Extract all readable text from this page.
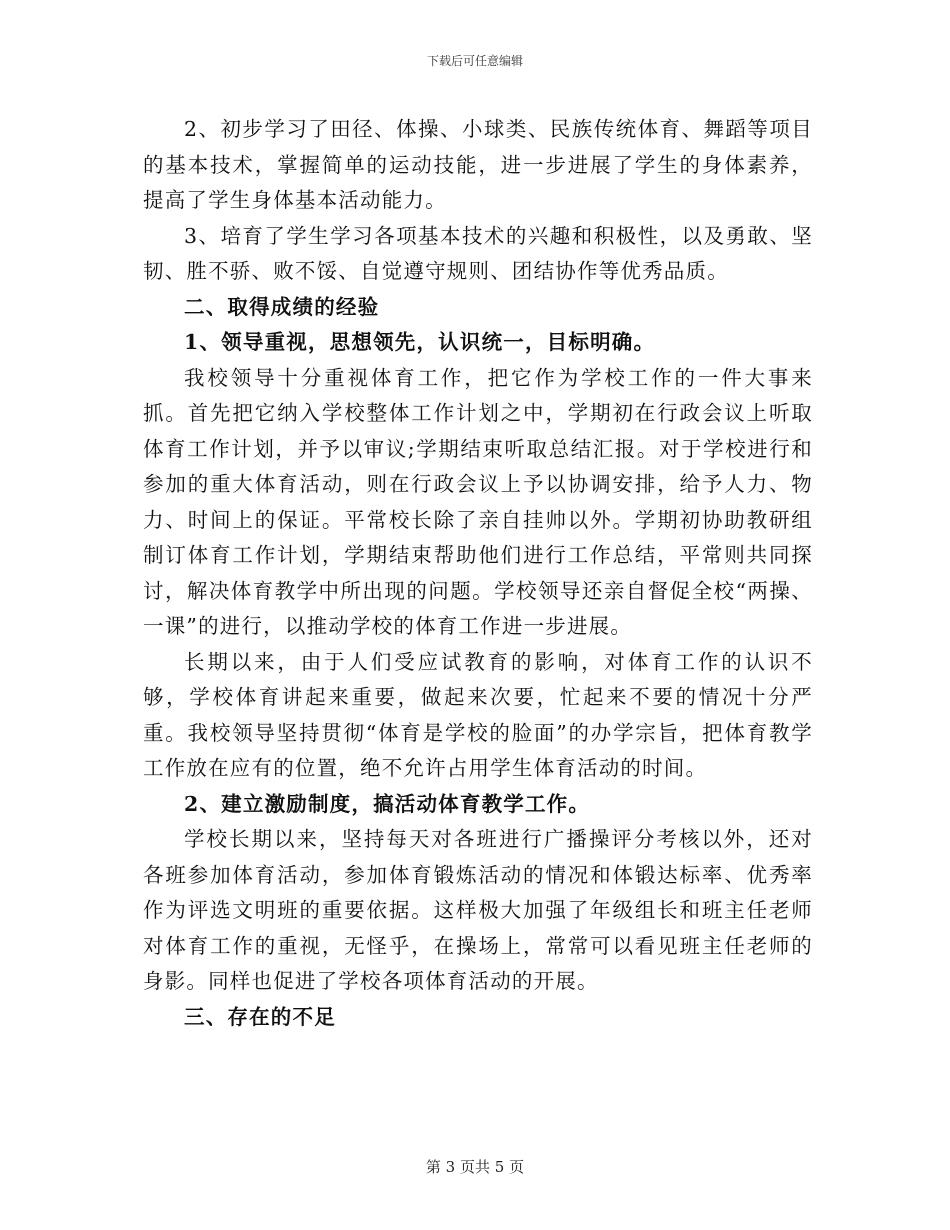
下载后可任意编辑

2、初步学习了田径、体操、小球类、民族传统体育、舞蹈等项目的基本技术，掌握简单的运动技能，进一步进展了学生的身体素养，提高了学生身体基本活动能力。

3、培育了学生学习各项基本技术的兴趣和积极性，以及勇敢、坚韧、胜不骄、败不馁、自觉遵守规则、团结协作等优秀品质。

二、取得成绩的经验

1、领导重视，思想领先，认识统一，目标明确。

我校领导十分重视体育工作，把它作为学校工作的一件大事来抓。首先把它纳入学校整体工作计划之中，学期初在行政会议上听取体育工作计划，并予以审议;学期结束听取总结汇报。对于学校进行和参加的重大体育活动，则在行政会议上予以协调安排，给予人力、物力、时间上的保证。平常校长除了亲自挂帅以外。学期初协助教研组制订体育工作计划，学期结束帮助他们进行工作总结，平常则共同探讨，解决体育教学中所出现的问题。学校领导还亲自督促全校“两操、一课”的进行，以推动学校的体育工作进一步进展。

长期以来，由于人们受应试教育的影响，对体育工作的认识不够，学校体育讲起来重要，做起来次要，忙起来不要的情况十分严重。我校领导坚持贯彻“体育是学校的脸面”的办学宗旨，把体育教学工作放在应有的位置，绝不允许占用学生体育活动的时间。

2、建立激励制度，搞活动体育教学工作。

学校长期以来，坚持每天对各班进行广播操评分考核以外，还对各班参加体育活动，参加体育锻炼活动的情况和体锻达标率、优秀率作为评选文明班的重要依据。这样极大加强了年级组长和班主任老师对体育工作的重视，无怪乎，在操场上，常常可以看见班主任老师的身影。同样也促进了学校各项体育活动的开展。

三、存在的不足

第 3 页共 5 页
